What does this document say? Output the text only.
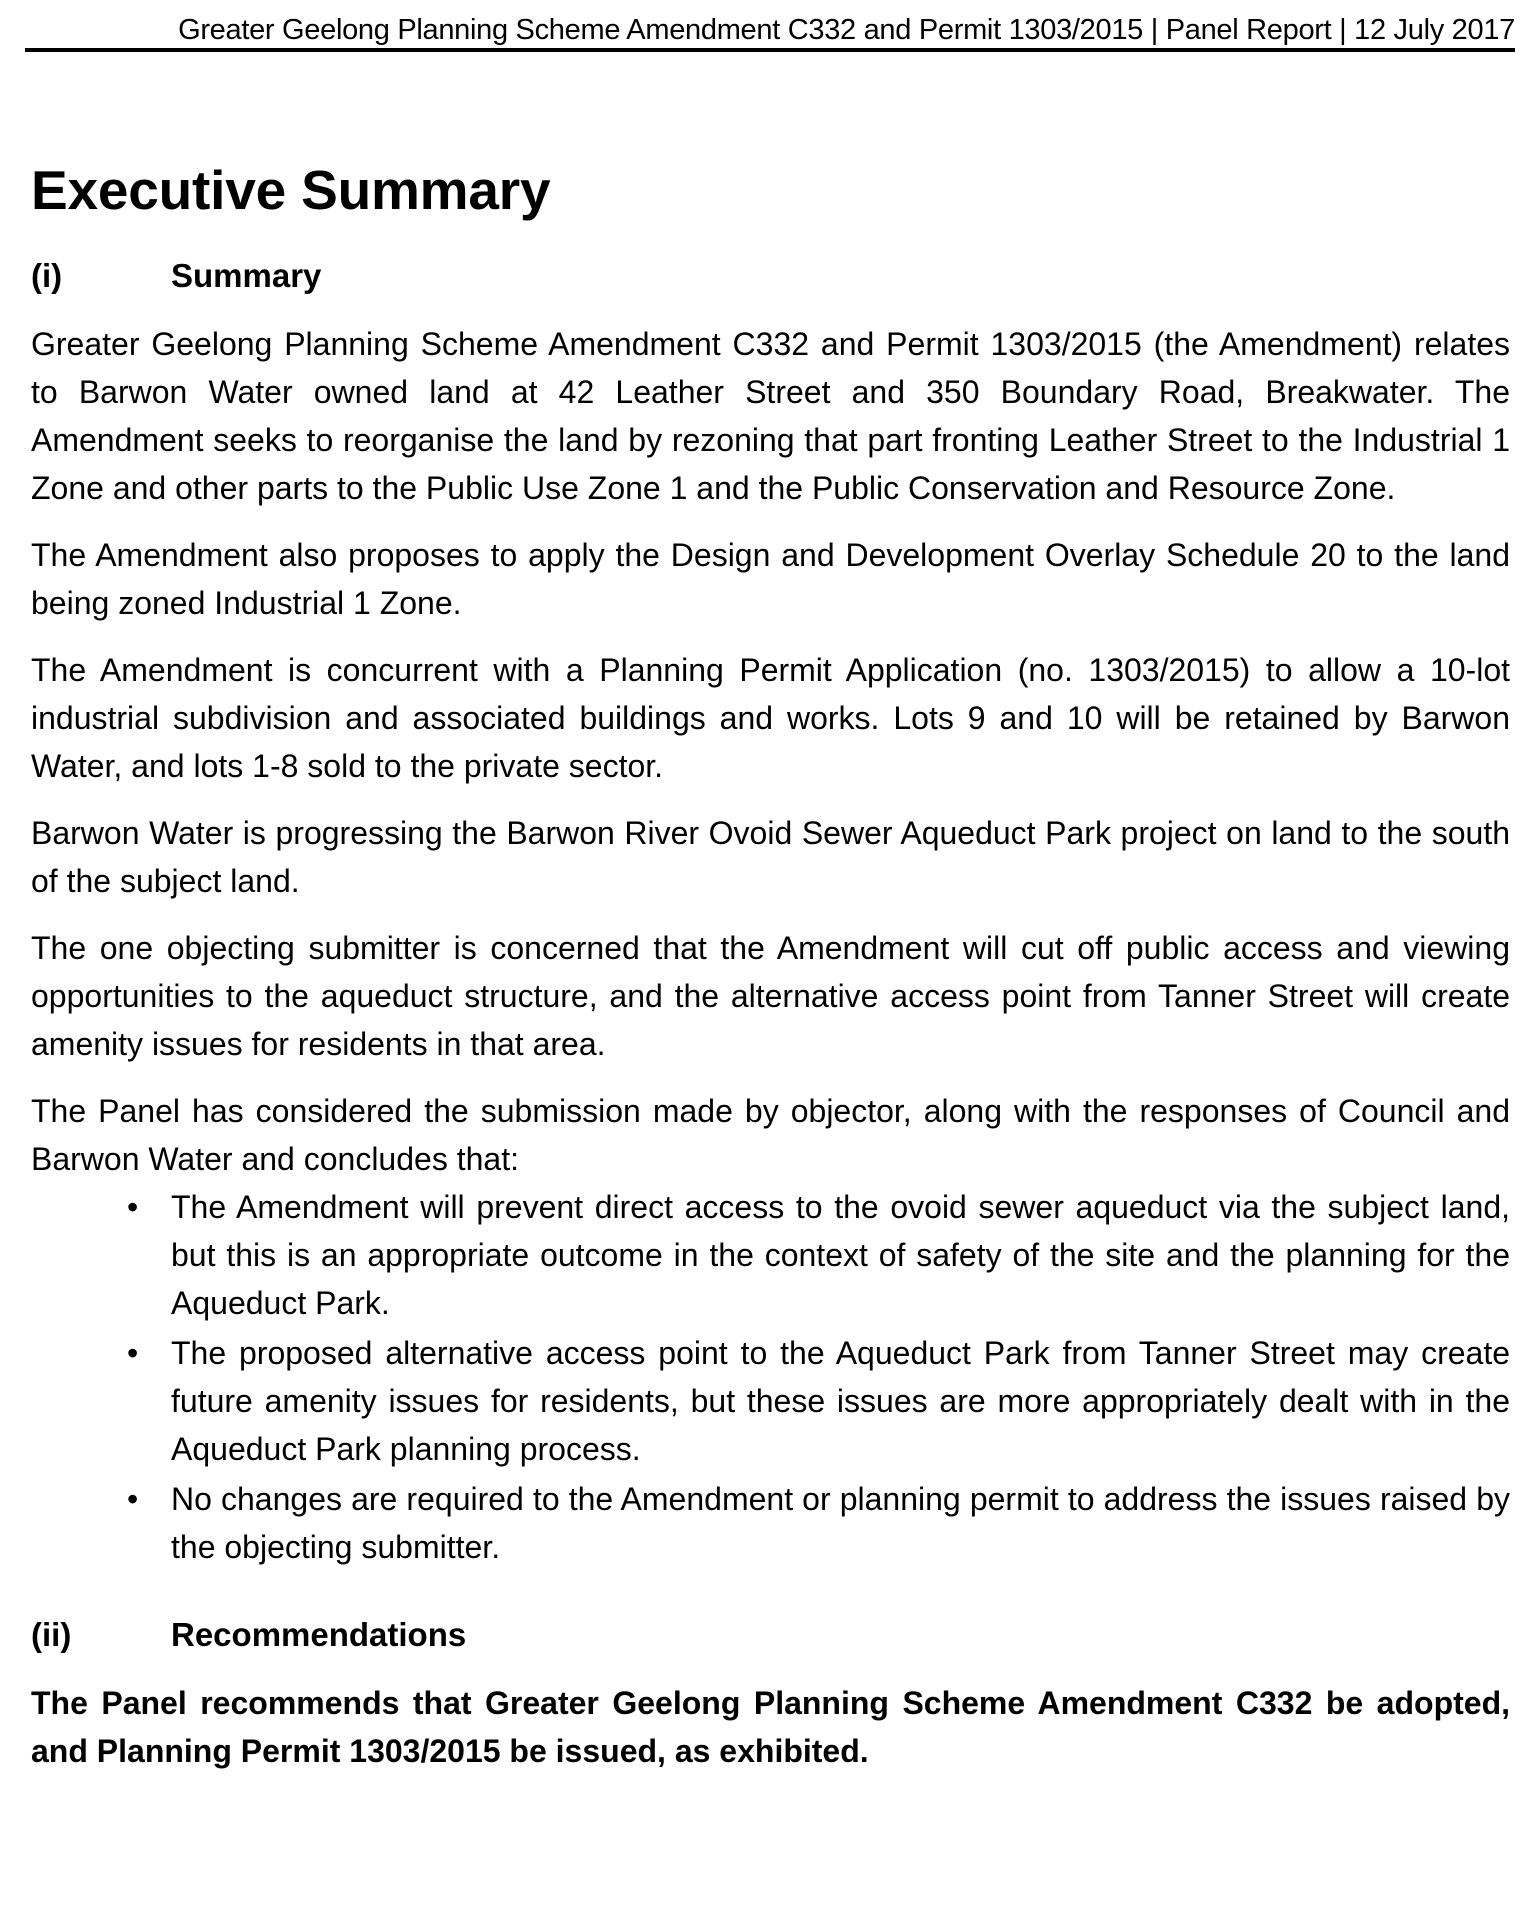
Greater Geelong Planning Scheme Amendment C332 and Permit 1303/2015 | Panel Report | 12 July 2017
Executive Summary
(i)	Summary

Greater Geelong Planning Scheme Amendment C332 and Permit 1303/2015 (the Amendment) relates to Barwon Water owned land at 42 Leather Street and 350 Boundary Road, Breakwater. The Amendment seeks to reorganise the land by rezoning that part fronting Leather Street to the Industrial 1 Zone and other parts to the Public Use Zone 1 and the Public Conservation and Resource Zone.

The Amendment also proposes to apply the Design and Development Overlay Schedule 20 to the land being zoned Industrial 1 Zone.

The Amendment is concurrent with a Planning Permit Application (no. 1303/2015) to allow a 10-lot industrial subdivision and associated buildings and works. Lots 9 and 10 will be retained by Barwon Water, and lots 1-8 sold to the private sector.

Barwon Water is progressing the Barwon River Ovoid Sewer Aqueduct Park project on land to the south of the subject land.

The one objecting submitter is concerned that the Amendment will cut off public access and viewing opportunities to the aqueduct structure, and the alternative access point from Tanner Street will create amenity issues for residents in that area.

The Panel has considered the submission made by objector, along with the responses of Council and Barwon Water and concludes that:

•	The Amendment will prevent direct access to the ovoid sewer aqueduct via the subject land, but this is an appropriate outcome in the context of safety of the site and the planning for the Aqueduct Park.
•	The proposed alternative access point to the Aqueduct Park from Tanner Street may create future amenity issues for residents, but these issues are more appropriately dealt with in the Aqueduct Park planning process.
•	No changes are required to the Amendment or planning permit to address the issues raised by the objecting submitter.
(ii)	Recommendations

The Panel recommends that Greater Geelong Planning Scheme Amendment C332 be adopted, and Planning Permit 1303/2015 be issued, as exhibited.
